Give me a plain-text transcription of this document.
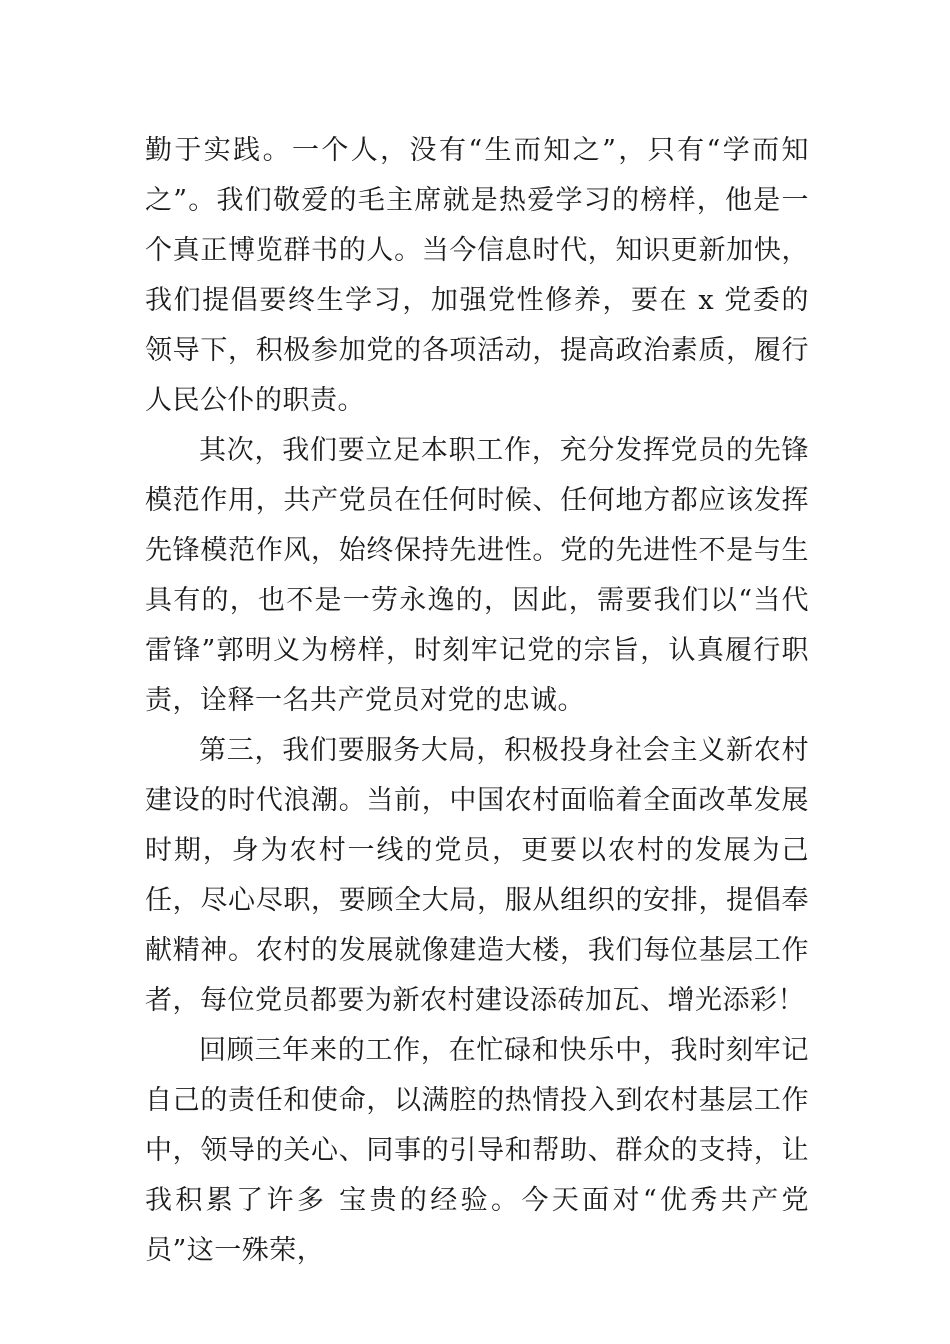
勤于实践。一个人，没有“生而知之”，只有“学而知之”。我们敬爱的毛主席就是热爱学习的榜样，他是一个真正博览群书的人。当今信息时代，知识更新加快，我们提倡要终生学习，加强党性修养，要在 x 党委的领导下，积极参加党的各项活动，提高政治素质，履行人民公仆的职责。

其次，我们要立足本职工作，充分发挥党员的先锋模范作用，共产党员在任何时候、任何地方都应该发挥先锋模范作风，始终保持先进性。党的先进性不是与生具有的，也不是一劳永逸的，因此，需要我们以“当代雷锋”郭明义为榜样，时刻牢记党的宗旨，认真履行职责，诠释一名共产党员对党的忠诚。

第三，我们要服务大局，积极投身社会主义新农村建设的时代浪潮。当前，中国农村面临着全面改革发展时期，身为农村一线的党员，更要以农村的发展为己任，尽心尽职，要顾全大局，服从组织的安排，提倡奉献精神。农村的发展就像建造大楼，我们每位基层工作者，每位党员都要为新农村建设添砖加瓦、增光添彩！

回顾三年来的工作，在忙碌和快乐中，我时刻牢记自己的责任和使命，以满腔的热情投入到农村基层工作中，领导的关心、同事的引导和帮助、群众的支持，让我积累了许多 宝贵的经验。今天面对“优秀共产党员”这一殊荣，
